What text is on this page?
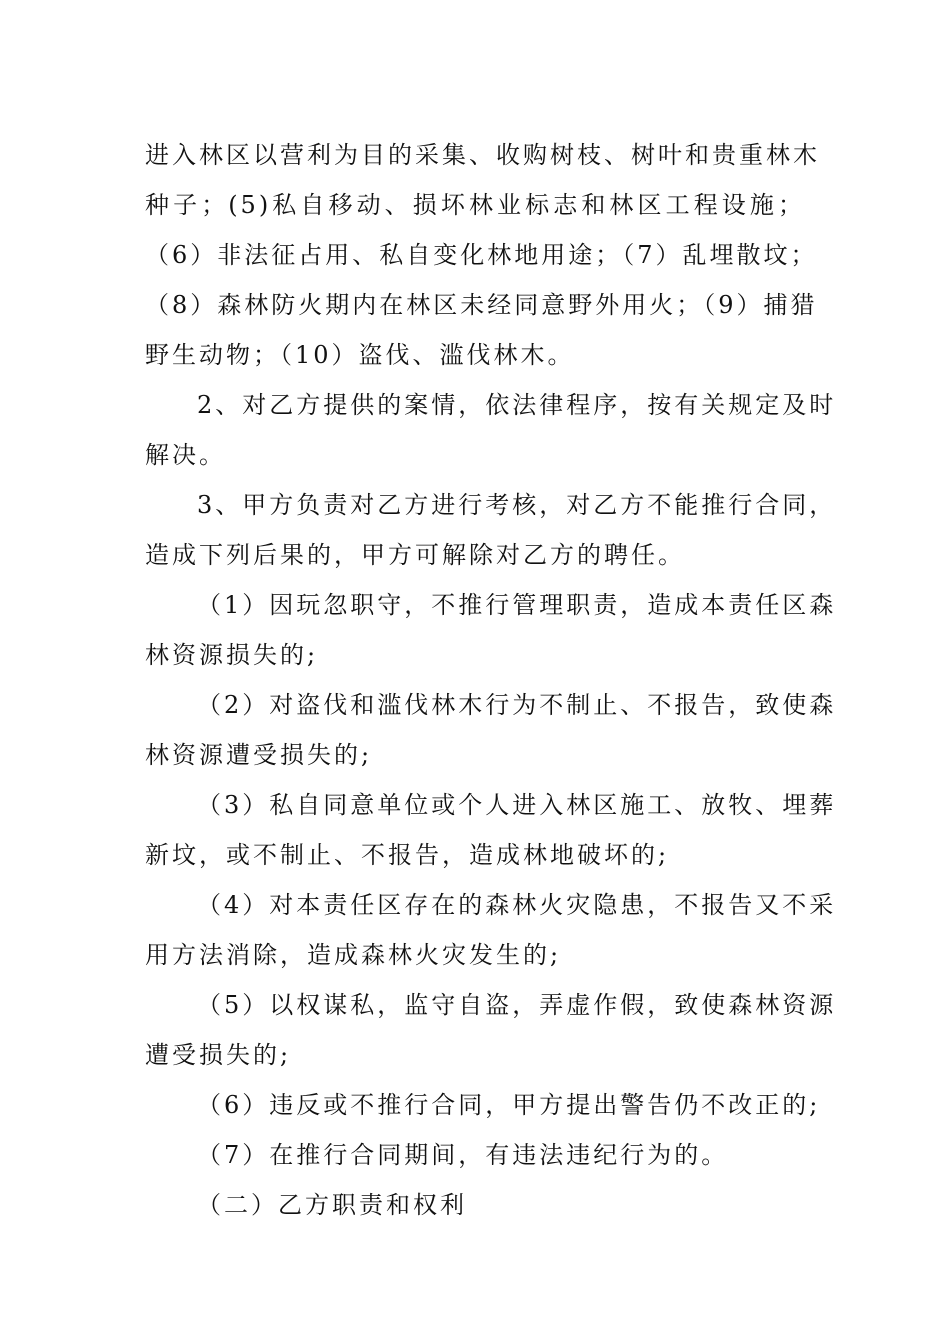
进入林区以营利为目的采集、收购树枝、树叶和贵重林木

种子；(5)私自移动、损坏林业标志和林区工程设施；

（6）非法征占用、私自变化林地用途；（7）乱埋散坟；

（8）森林防火期内在林区未经同意野外用火；（9）捕猎

野生动物；（10）盗伐、滥伐林木。

2、对乙方提供的案情，依法律程序，按有关规定及时

解决。

3、甲方负责对乙方进行考核，对乙方不能推行合同，

造成下列后果的，甲方可解除对乙方的聘任。

（1）因玩忽职守，不推行管理职责，造成本责任区森

林资源损失的;

（2）对盗伐和滥伐林木行为不制止、不报告，致使森

林资源遭受损失的;

（3）私自同意单位或个人进入林区施工、放牧、埋葬

新坟，或不制止、不报告，造成林地破坏的;

（4）对本责任区存在的森林火灾隐患，不报告又不采

用方法消除，造成森林火灾发生的;

（5）以权谋私，监守自盗，弄虚作假，致使森林资源

遭受损失的;

（6）违反或不推行合同，甲方提出警告仍不改正的;

（7）在推行合同期间，有违法违纪行为的。

（二）乙方职责和权利
